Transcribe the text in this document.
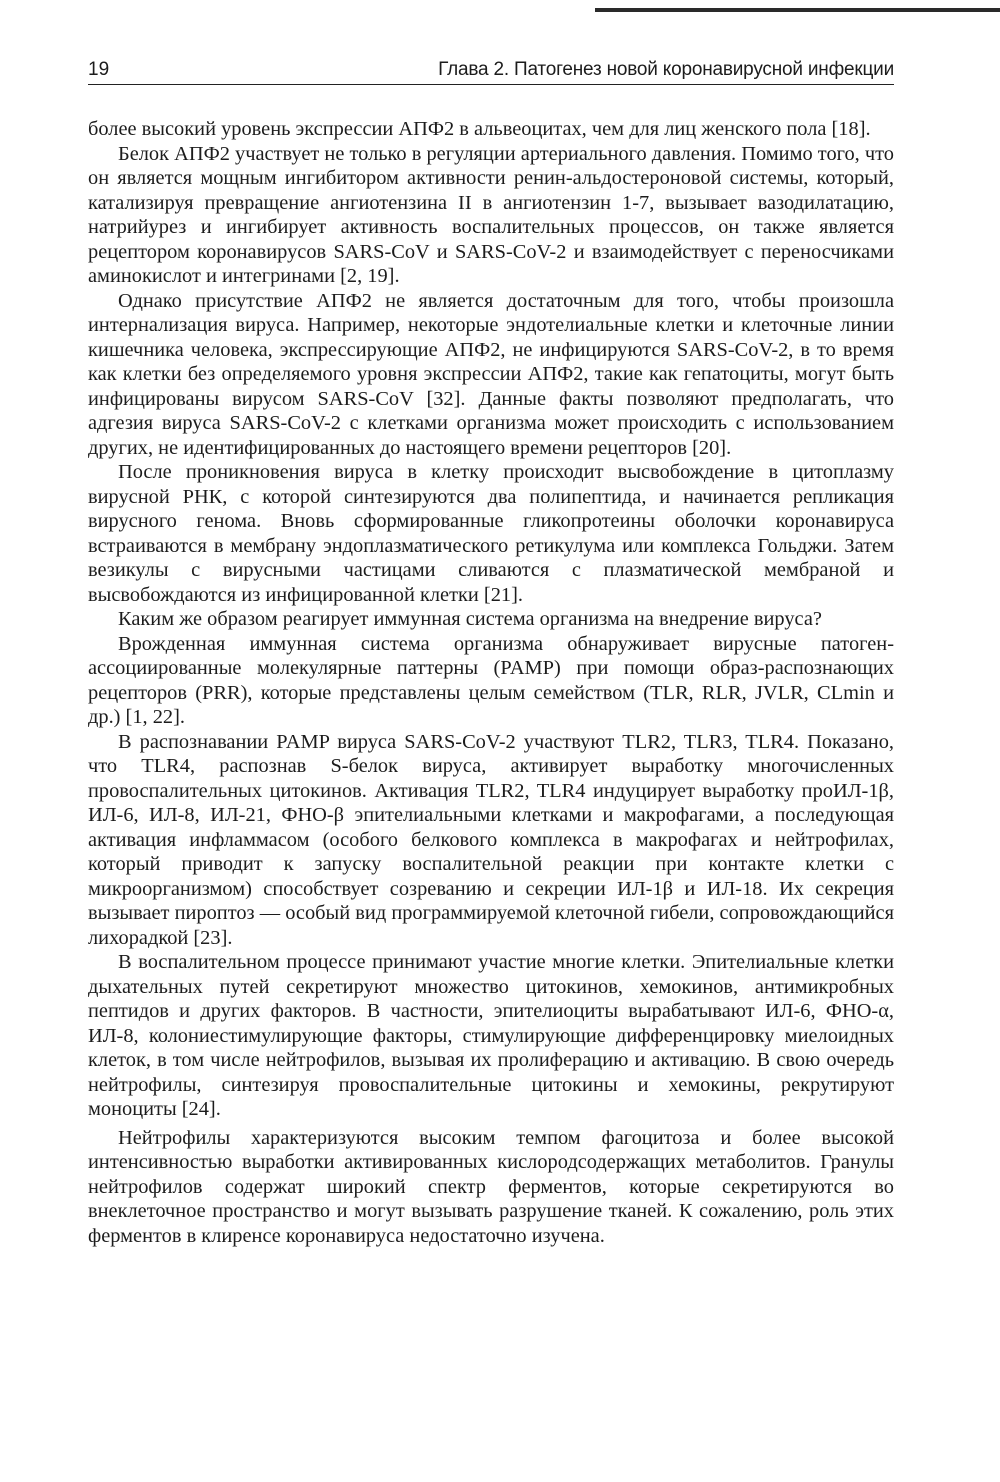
19	Глава 2. Патогенез новой коронавирусной инфекции

более высокий уровень экспрессии АПФ2 в альвеоцитах, чем для лиц женского пола [18].

Белок АПФ2 участвует не только в регуляции артериального давления. Помимо того, что он является мощным ингибитором активности ренин-альдостероновой системы, который, катализируя превращение ангиотензина II в ангиотензин 1-7, вызывает вазодилатацию, натрийурез и ингибирует активность воспалительных процессов, он также является рецептором коронавирусов SARS-CoV и SARS-CoV-2 и взаимодействует с переносчиками аминокислот и интегринами [2, 19].

Однако присутствие АПФ2 не является достаточным для того, чтобы произошла интернализация вируса. Например, некоторые эндотелиальные клетки и клеточные линии кишечника человека, экспрессирующие АПФ2, не инфицируются SARS-CoV-2, в то время как клетки без определяемого уровня экспрессии АПФ2, такие как гепатоциты, могут быть инфицированы вирусом SARS-CoV [32]. Данные факты позволяют предполагать, что адгезия вируса SARS-CoV-2 с клетками организма может происходить с использованием других, не идентифицированных до настоящего времени рецепторов [20].

После проникновения вируса в клетку происходит высвобождение в цитоплазму вирусной РНК, с которой синтезируются два полипептида, и начинается репликация вирусного генома. Вновь сформированные гликопротеины оболочки коронавируса встраиваются в мембрану эндоплазматического ретикулума или комплекса Гольджи. Затем везикулы с вирусными частицами сливаются с плазматической мембраной и высвобождаются из инфицированной клетки [21].

Каким же образом реагирует иммунная система организма на внедрение вируса?

Врожденная иммунная система организма обнаруживает вирусные патоген-ассоциированные молекулярные паттерны (PAMP) при помощи образ-распознающих рецепторов (PRR), которые представлены целым семейством (TLR, RLR, JVLR, CLmin и др.) [1, 22].

В распознавании PAMP вируса SARS-CoV-2 участвуют TLR2, TLR3, TLR4. Показано, что TLR4, распознав S-белок вируса, активирует выработку многочисленных провоспалительных цитокинов. Активация TLR2, TLR4 индуцирует выработку проИЛ-1β, ИЛ-6, ИЛ-8, ИЛ-21, ФНО-β эпителиальными клетками и макрофагами, а последующая активация инфламмасом (особого белкового комплекса в макрофагах и нейтрофилах, который приводит к запуску воспалительной реакции при контакте клетки с микроорганизмом) способствует созреванию и секреции ИЛ-1β и ИЛ-18. Их секреция вызывает пироптоз — особый вид программируемой клеточной гибели, сопровождающийся лихорадкой [23].

В воспалительном процессе принимают участие многие клетки. Эпителиальные клетки дыхательных путей секретируют множество цитокинов, хемокинов, антимикробных пептидов и других факторов. В частности, эпителиоциты вырабатывают ИЛ-6, ФНО-α, ИЛ-8, колониестимулирующие факторы, стимулирующие дифференцировку миелоидных клеток, в том числе нейтрофилов, вызывая их пролиферацию и активацию. В свою очередь нейтрофилы, синтезируя провоспалительные цитокины и хемокины, рекрутируют моноциты [24].

Нейтрофилы характеризуются высоким темпом фагоцитоза и более высокой интенсивностью выработки активированных кислородсодержащих метаболитов. Гранулы нейтрофилов содержат широкий спектр ферментов, которые секретируются во внеклеточное пространство и могут вызывать разрушение тканей. К сожалению, роль этих ферментов в клиренсе коронавируса недостаточно изучена.
